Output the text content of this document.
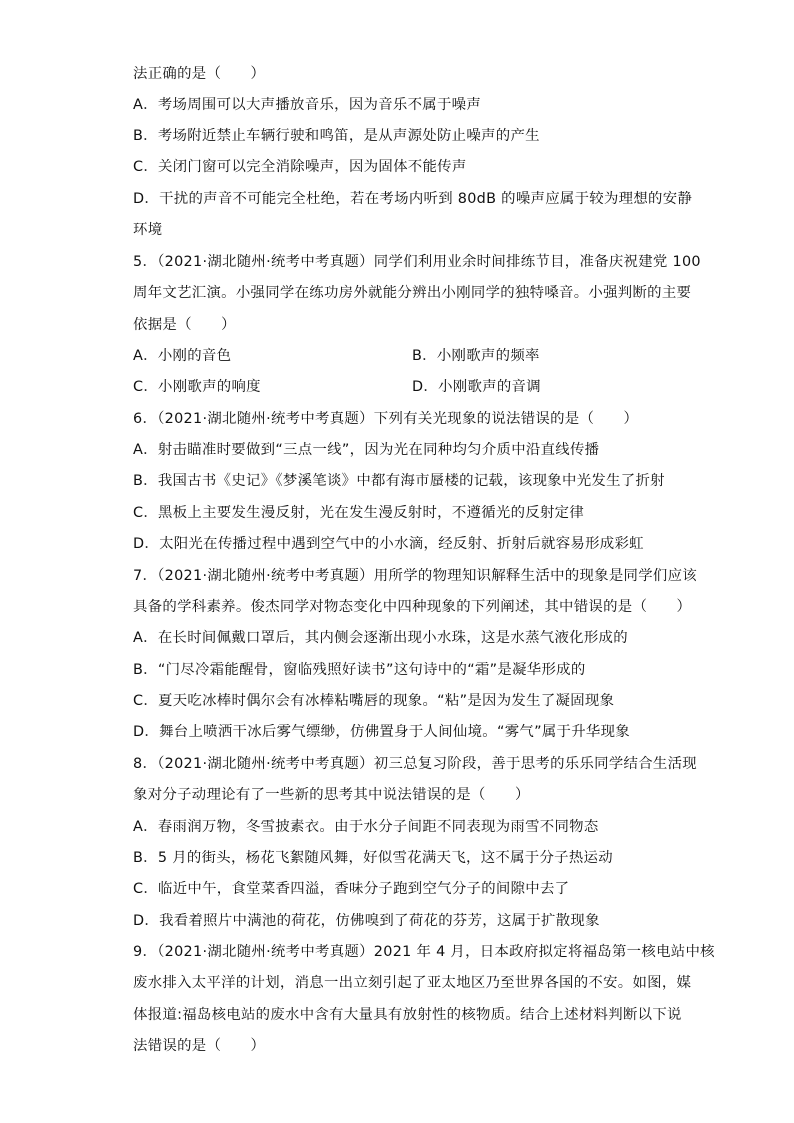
法正确的是（　　）
A．考场周围可以大声播放音乐，因为音乐不属于噪声
B．考场附近禁止车辆行驶和鸣笛，是从声源处防止噪声的产生
C．关闭门窗可以完全消除噪声，因为固体不能传声
D．干扰的声音不可能完全杜绝，若在考场内听到 80dB 的噪声应属于较为理想的安静
环境
5．（2021·湖北随州·统考中考真题）同学们利用业余时间排练节目，准备庆祝建党 100
周年文艺汇演。小强同学在练功房外就能分辨出小刚同学的独特嗓音。小强判断的主要
依据是（　　）
A．小刚的音色	B．小刚歌声的频率
C．小刚歌声的响度	D．小刚歌声的音调
6．（2021·湖北随州·统考中考真题）下列有关光现象的说法错误的是（　　）
A．射击瞄准时要做到“三点一线”，因为光在同种均匀介质中沿直线传播
B．我国古书《史记》《梦溪笔谈》中都有海市蜃楼的记载，该现象中光发生了折射
C．黑板上主要发生漫反射，光在发生漫反射时，不遵循光的反射定律
D．太阳光在传播过程中遇到空气中的小水滴，经反射、折射后就容易形成彩虹
7．（2021·湖北随州·统考中考真题）用所学的物理知识解释生活中的现象是同学们应该
具备的学科素养。俊杰同学对物态变化中四种现象的下列阐述，其中错误的是（　　）
A．在长时间佩戴口罩后，其内侧会逐渐出现小水珠，这是水蒸气液化形成的
B．“门尽冷霜能醒骨，窗临残照好读书”这句诗中的“霜”是凝华形成的
C．夏天吃冰棒时偶尔会有冰棒粘嘴唇的现象。“粘”是因为发生了凝固现象
D．舞台上喷洒干冰后雾气缥缈，仿佛置身于人间仙境。“雾气”属于升华现象
8．（2021·湖北随州·统考中考真题）初三总复习阶段，善于思考的乐乐同学结合生活现
象对分子动理论有了一些新的思考其中说法错误的是（　　）
A．春雨润万物，冬雪披素衣。由于水分子间距不同表现为雨雪不同物态
B．5 月的街头，杨花飞絮随风舞，好似雪花满天飞，这不属于分子热运动
C．临近中午，食堂菜香四溢，香味分子跑到空气分子的间隙中去了
D．我看着照片中满池的荷花，仿佛嗅到了荷花的芬芳，这属于扩散现象
9．（2021·湖北随州·统考中考真题）2021 年 4 月，日本政府拟定将福岛第一核电站中核
废水排入太平洋的计划，消息一出立刻引起了亚太地区乃至世界各国的不安。如图，媒
体报道:福岛核电站的废水中含有大量具有放射性的核物质。结合上述材料判断以下说
法错误的是（　　）
